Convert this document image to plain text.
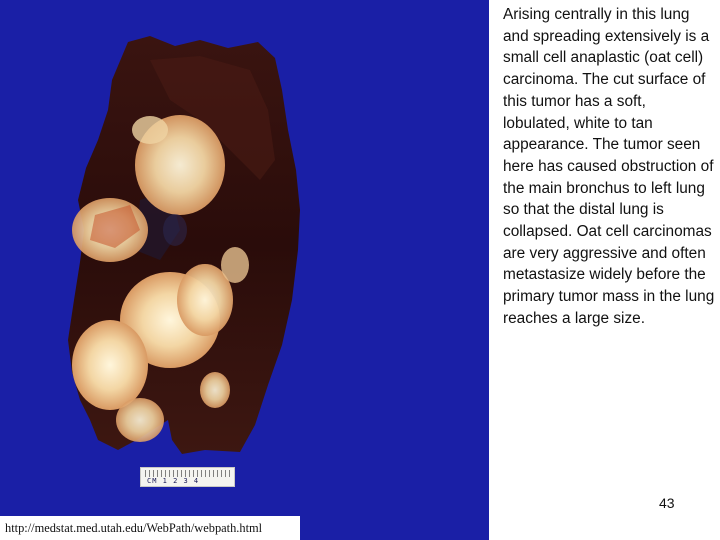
CM 1 2 3 4

Arising centrally in this lung and spreading extensively is a small cell anaplastic (oat cell) carcinoma. The cut surface of this tumor has a soft, lobulated, white to tan appearance. The tumor seen here has caused obstruction of the main bronchus to left lung so that the distal lung is collapsed. Oat cell carcinomas are very aggressive and often metastasize widely before the primary tumor mass in the lung reaches a large size.

43
http://medstat.med.utah.edu/WebPath/webpath.html
